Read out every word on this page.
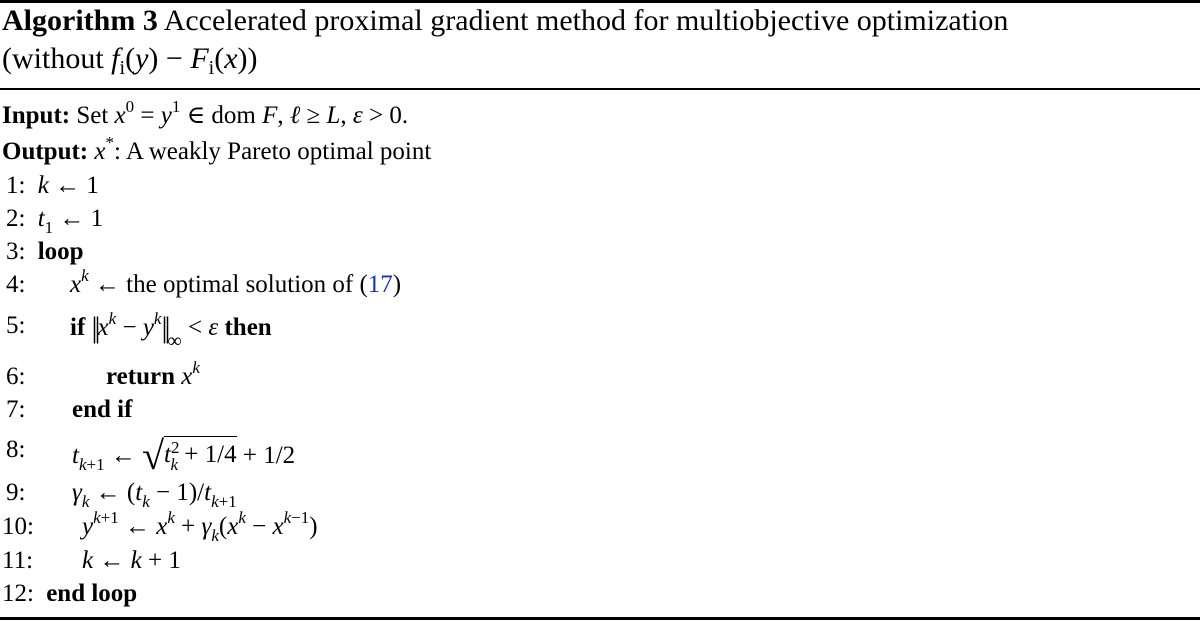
Algorithm 3 Accelerated proximal gradient method for multiobjective optimization
(without $f_i(y) - F_i(x)$)
Input: Set $x^0 = y^1$ ∈ dom F, ℓ ≥ L, ε > 0.
Output: x*: A weakly Pareto optimal point
1: k ← 1
2: $t_1$ ← 1
3: loop
4: $x^k$ ← the optimal solution of (17)
5: if $||x^k - y^k||_\infty < \varepsilon$ then
6:	return $x^k$
7: end if
8: $t_{k+1}$ ← $√t^2_k + 1/4 + 1/2$
9: $\gamma_k$ ← $(t_k - 1)/t_{k+1}$
10: $y^{k+1}$ ← $x^k + \gamma_k(x^k - x^{k-1})$
11: k ← k + 1
12: end loop
